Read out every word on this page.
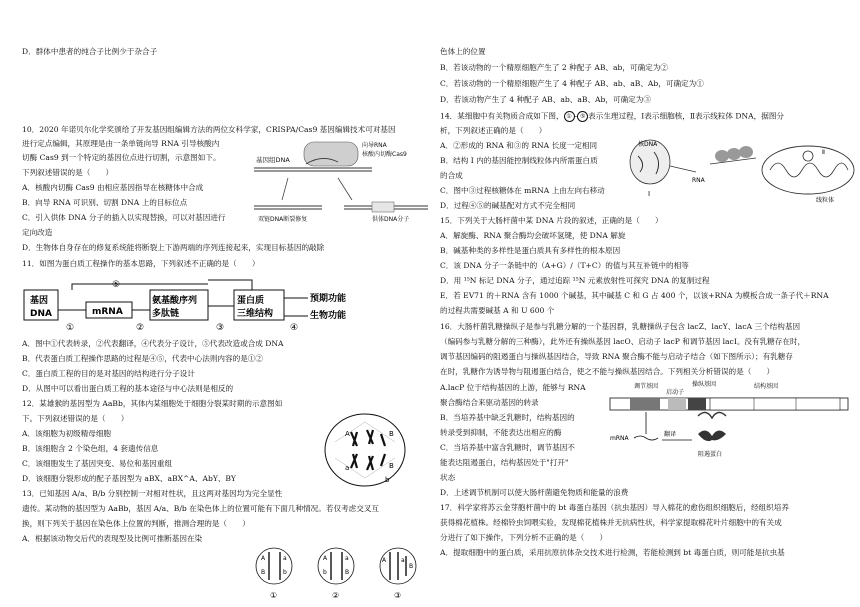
D．群体中患者的纯合子比例少于杂合子
10．2020 年诺贝尔化学奖颁给了开发基因组编辑方法的两位女科学家，CRISPA/Cas9 基因编辑技术可对基因
进行定点编辑，其原理是由一条单链向导 RNA 引导核酸内
切酶 Cas9 到一个特定的基因位点进行切割，示意图如下。
下列叙述错误的是（　　）
A．核酸内切酶 Cas9 由相应基因指导在核糖体中合成
B．向导 RNA 可识别、切割 DNA 上的目标位点
C．引入供体 DNA 分子的插入以实现替换，可以对基因进行
定向改造
D．生物体自身存在的修复系统能将断裂上下游两端的序列连接起来，实现目标基因的敲除
基因组DNA
向导RNA
核酸内切酶Cas9
双链DNA断裂修复	供体DNA分子
11．如图为蛋白质工程操作的基本思路，下列叙述不正确的是（　　）
基因
DNA	mRNA
氨基酸序列
多肽链
蛋白质
三维结构
预期功能
生物功能
⑤
①	②	③	④
A．图中①代表转录，②代表翻译，④代表分子设计，⑤代表改造或合成 DNA
B．代表蛋白质工程操作思路的过程是④⑤，代表中心法则内容的是①②
C．蛋白质工程的目的是对基因的结构进行分子设计
D．从图中可以看出蛋白质工程的基本途径与中心法则是相反的
12．某雄猴的基因型为 AaBb，其体内某细胞处于细胞分裂某时期的示意图如
下。下列叙述错误的是（　　）
A．该细胞为初级精母细胞
B．该细胞含 2 个染色组，4 套遗传信息
C．该细胞发生了基因突变、易位和基因重组
D．该细胞分裂形成的配子基因型为 aBX、aBX^A、AbY、BY
A	B
a	B
b
13．已知基因 A/a、B/b 分别控制一对相对性状，且这两对基因均为完全显性
遗传。某动物的基因型为 AaBb，基因 A/a、B/b 在染色体上的位置可能有下面几种情况。若仅考虑交叉互
换，则下列关于基因在染色体上位置的判断，推测合理的是（　　）
A．根据该动物交后代的表现型及比例可推断基因在染
A	a
B	b
①
A	a
b	B
②
A a
B
③
色体上的位置
B．若该动物的一个精原细胞产生了 2 种配子 AB、ab，可确定为②
C．若该动物的一个精原细胞产生了 4 种配子 AB、ab、aB、Ab，可确定为①
D．若该动物产生了 4 种配子 AB、ab、aB、Ab，可确定为③
14．某细胞中有关物质合成如下图， ① - ⑤ 表示生理过程，Ⅰ表示细胞核，Ⅱ表示线粒体 DNA，据图分
析，下列叙述正确的是（　　）
A．②形成的 RNA 和③的 RNA 长度一定相同
B．结构 I 内的基因能控制线粒体内所需蛋白质
的合成
C．图中③过程核糖体在 mRNA 上由左向右移动
D．过程④⑤的碱基配对方式不完全相同
核DNA
Ⅰ
RNA
Ⅱ
线粒体
15．下列关于大肠杆菌中某 DNA 片段的叙述，正确的是（　　）
A．解旋酶、RNA 聚合酶均会破坏氢键，使 DNA 解旋
B．碱基种类的多样性是蛋白质具有多样性的根本原因
C．该 DNA 分子一条链中的（A+G）/（T+C）的值与其互补链中的相等
D．用 ¹⁵N 标记 DNA 分子，通过追踪 ¹⁵N 元素放射性可探究 DNA 的复制过程
E．若 EV71 的＋RNA 含有 1000 个碱基，其中碱基 C 和 G 占 400 个，以该+RNA 为模板合成一条子代＋RNA
的过程共需要碱基 A 和 U 600 个
16．大肠杆菌乳糖操纵子是参与乳糖分解的一个基因群，乳糖操纵子包含 lacZ、lacY、lacA 三个结构基因
（编码参与乳糖分解的三种酶），此外还有操纵基因 lacO、启动子 lacP 和调节基因 lacI。没有乳糖存在时，
调节基因编码的阻遏蛋白与操纵基因结合，导致 RNA 聚合酶不能与启动子结合（如下图所示）；有乳糖存
在时，乳糖作为诱导物与阻遏蛋白结合，使之不能与操纵基因结合。下列相关分析错误的是（　　）
A.lacP 位于结构基因的上游，能够与 RNA
聚合酶结合来驱动基因的转录
B．当培养基中缺乏乳糖时，结构基因的
转录受到抑制，不能表达出相应的酶
C．当培养基中富含乳糖时，调节基因不
能表达阻遏蛋白，结构基因处于"打开"
状态
D．上述调节机制可以使大肠杆菌避免物质和能量的浪费
调节基因	操纵基因
启动子
结构基因
mRNA
翻译
阻遏蛋白
17．科学家将苏云金芽胞杆菌中的 bt 毒蛋白基因（抗虫基因）导入棉花的愈伤组织细胞后，经组织培养
获得棉花植株。经棉铃虫饲喂实验，发现棉花植株并无抗病性状，科学家提取棉花叶片细胞中的有关成
分进行了如下操作，下列分析不正确的是（　　）
A．提取细胞中的蛋白质，采用抗原抗体杂交技术进行检测，若能检测到 bt 毒蛋白质，则可能是抗虫基
